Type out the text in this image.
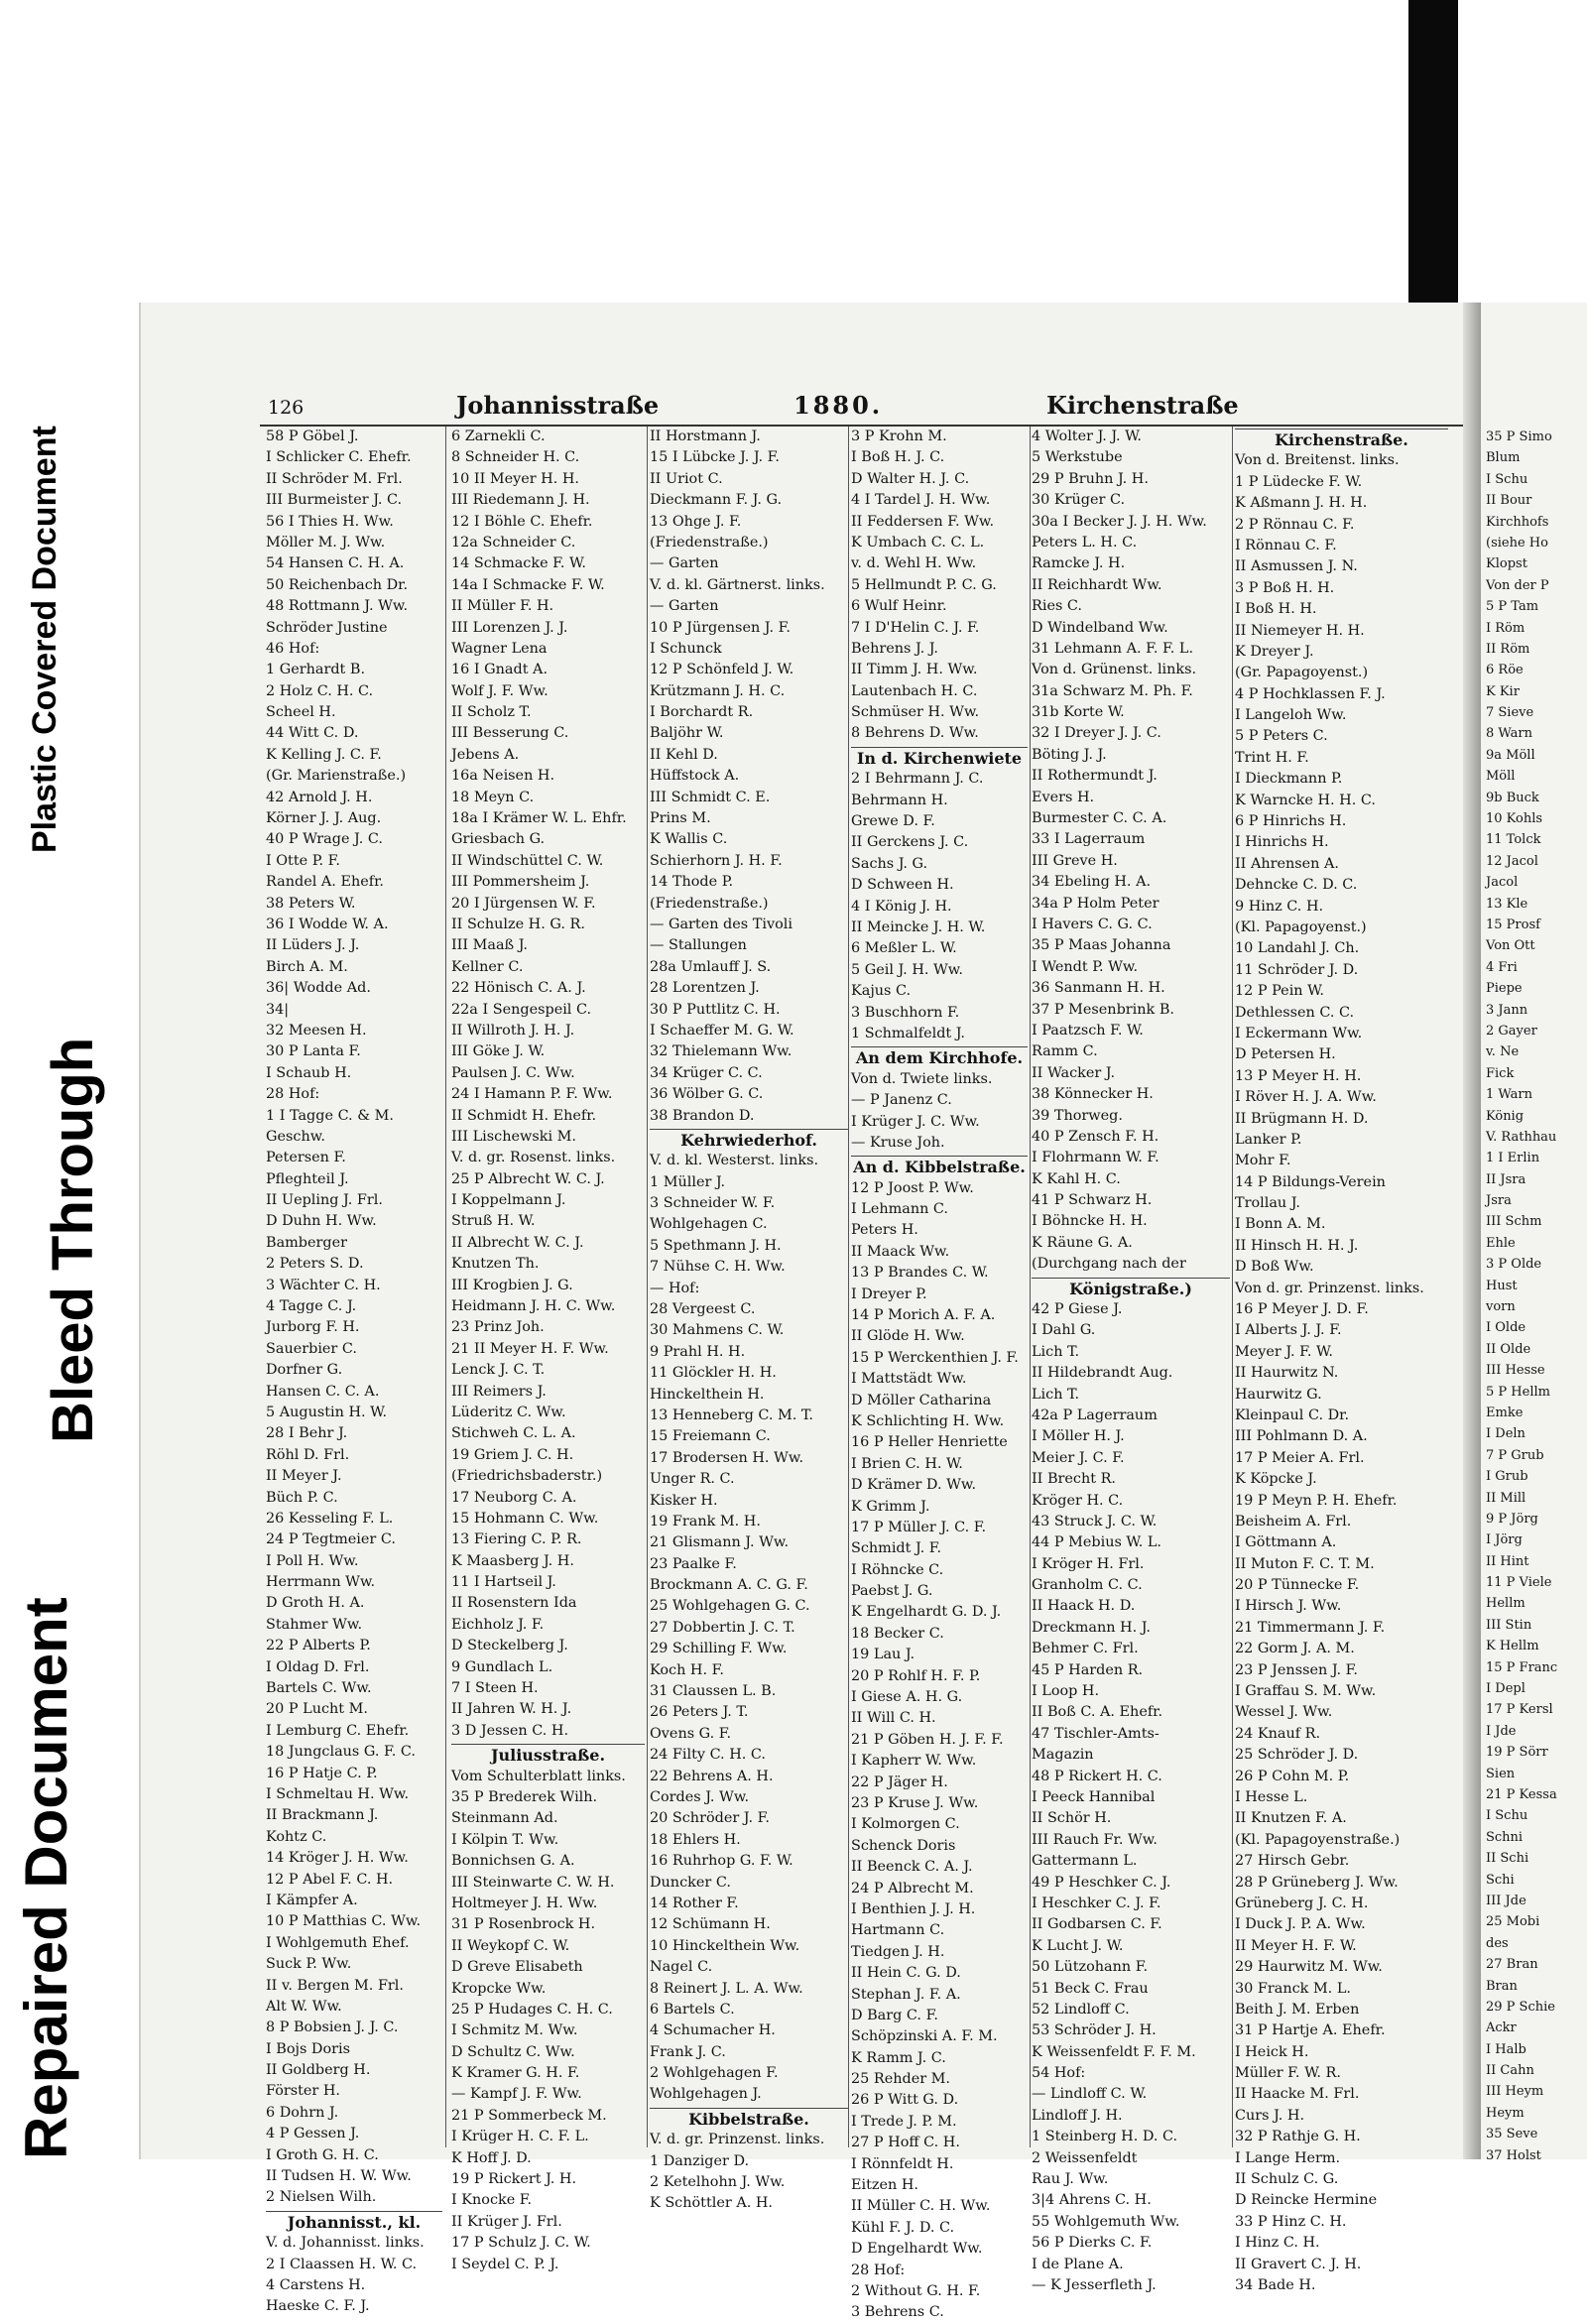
Plastic Covered Document
Bleed Through
Repaired Document
126	Johannisstraße	1880.	Kirchenstraße
58 P Göbel J.
I Schlicker C. Ehefr.
II Schröder M. Frl.
III Burmeister J. C.
56 I Thies H. Ww.
Möller M. J. Ww.
54 Hansen C. H. A.
50 Reichenbach Dr.
48 Rottmann J. Ww.
Schröder Justine
46 Hof:
1 Gerhardt B.
2 Holz C. H. C.
Scheel H.
44 Witt C. D.
K Kelling J. C. F.
(Gr. Marienstraße.)
42 Arnold J. H.
Körner J. J. Aug.
40 P Wrage J. C.
I Otte P. F.
Randel A. Ehefr.
38 Peters W.
36 I Wodde W. A.
II Lüders J. J.
Birch A. M.
36| Wodde Ad.
34|
32 Meesen H.
30 P Lanta F.
I Schaub H.
28 Hof:
1 I Tagge C. & M.
Geschw.
Petersen F.
Pfleghteil J.
II Uepling J. Frl.
D Duhn H. Ww.
Bamberger
2 Peters S. D.
3 Wächter C. H.
4 Tagge C. J.
Jurborg F. H.
Sauerbier C.
Dorfner G.
Hansen C. C. A.
5 Augustin H. W.
28 I Behr J.
Röhl D. Frl.
II Meyer J.
Büch P. C.
26 Kesseling F. L.
24 P Tegtmeier C.
I Poll H. Ww.
Herrmann Ww.
D Groth H. A.
Stahmer Ww.
22 P Alberts P.
I Oldag D. Frl.
Bartels C. Ww.
20 P Lucht M.
I Lemburg C. Ehefr.
18 Jungclaus G. F. C.
16 P Hatje C. P.
I Schmeltau H. Ww.
II Brackmann J.
Kohtz C.
14 Kröger J. H. Ww.
12 P Abel F. C. H.
I Kämpfer A.
10 P Matthias C. Ww.
I Wohlgemuth Ehef.
Suck P. Ww.
II v. Bergen M. Frl.
Alt W. Ww.
8 P Bobsien J. J. C.
I Bojs Doris
II Goldberg H.
Förster H.
6 Dohrn J.
4 P Gessen J.
I Groth G. H. C.
II Tudsen H. W. Ww.
2 Nielsen Wilh.
Johannisst., kl.
V. d. Johannisst. links.
2 I Claassen H. W. C.
4 Carstens H.
Haeske C. F. J.
6 Zarnekli C.
8 Schneider H. C.
10 II Meyer H. H.
III Riedemann J. H.
12 I Böhle C. Ehefr.
12a Schneider C.
14 Schmacke F. W.
14a I Schmacke F. W.
II Müller F. H.
III Lorenzen J. J.
Wagner Lena
16 I Gnadt A.
Wolf J. F. Ww.
II Scholz T.
III Besserung C.
Jebens A.
16a Neisen H.
18 Meyn C.
18a I Krämer W. L. Ehfr.
Griesbach G.
II Windschüttel C. W.
III Pommersheim J.
20 I Jürgensen W. F.
II Schulze H. G. R.
III Maaß J.
Kellner C.
22 Hönisch C. A. J.
22a I Sengespeil C.
II Willroth J. H. J.
III Göke J. W.
Paulsen J. C. Ww.
24 I Hamann P. F. Ww.
II Schmidt H. Ehefr.
III Lischewski M.
V. d. gr. Rosenst. links.
25 P Albrecht W. C. J.
I Koppelmann J.
Struß H. W.
II Albrecht W. C. J.
Knutzen Th.
III Krogbien J. G.
Heidmann J. H. C. Ww.
23 Prinz Joh.
21 II Meyer H. F. Ww.
Lenck J. C. T.
III Reimers J.
Lüderitz C. Ww.
Stichweh C. L. A.
19 Griem J. C. H.
(Friedrichsbaderstr.)
17 Neuborg C. A.
15 Hohmann C. Ww.
13 Fiering C. P. R.
K Maasberg J. H.
11 I Hartseil J.
II Rosenstern Ida
Eichholz J. F.
D Steckelberg J.
9 Gundlach L.
7 I Steen H.
II Jahren W. H. J.
3 D Jessen C. H.
Juliusstraße.
Vom Schulterblatt links.
35 P Brederek Wilh.
Steinmann Ad.
I Kölpin T. Ww.
Bonnichsen G. A.
III Steinwarte C. W. H.
Holtmeyer J. H. Ww.
31 P Rosenbrock H.
II Weykopf C. W.
D Greve Elisabeth
Kropcke Ww.
25 P Hudages C. H. C.
I Schmitz M. Ww.
D Schultz C. Ww.
K Kramer G. H. F.
— Kampf J. F. Ww.
21 P Sommerbeck M.
I Krüger H. C. F. L.
K Hoff J. D.
19 P Rickert J. H.
I Knocke F.
II Krüger J. Frl.
17 P Schulz J. C. W.
I Seydel C. P. J.
II Horstmann J.
15 I Lübcke J. J. F.
II Uriot C.
Dieckmann F. J. G.
13 Ohge J. F.
(Friedenstraße.)
— Garten
V. d. kl. Gärtnerst. links.
— Garten
10 P Jürgensen J. F.
I Schunck
12 P Schönfeld J. W.
Krützmann J. H. C.
I Borchardt R.
Baljöhr W.
II Kehl D.
Hüffstock A.
III Schmidt C. E.
Prins M.
K Wallis C.
Schierhorn J. H. F.
14 Thode P.
(Friedenstraße.)
— Garten des Tivoli
— Stallungen
28a Umlauff J. S.
28 Lorentzen J.
30 P Puttlitz C. H.
I Schaeffer M. G. W.
32 Thielemann Ww.
34 Krüger C. C.
36 Wölber G. C.
38 Brandon D.
Kehrwiederhof.
V. d. kl. Westerst. links.
1 Müller J.
3 Schneider W. F.
Wohlgehagen C.
5 Spethmann J. H.
7 Nühse C. H. Ww.
— Hof:
28 Vergeest C.
30 Mahmens C. W.
9 Prahl H. H.
11 Glöckler H. H.
Hinckelthein H.
13 Henneberg C. M. T.
15 Freiemann C.
17 Brodersen H. Ww.
Unger R. C.
Kisker H.
19 Frank M. H.
21 Glismann J. Ww.
23 Paalke F.
Brockmann A. C. G. F.
25 Wohlgehagen G. C.
27 Dobbertin J. C. T.
29 Schilling F. Ww.
Koch H. F.
31 Claussen L. B.
26 Peters J. T.
Ovens G. F.
24 Filty C. H. C.
22 Behrens A. H.
Cordes J. Ww.
20 Schröder J. F.
18 Ehlers H.
16 Ruhrhop G. F. W.
Duncker C.
14 Rother F.
12 Schümann H.
10 Hinckelthein Ww.
Nagel C.
8 Reinert J. L. A. Ww.
6 Bartels C.
4 Schumacher H.
Frank J. C.
2 Wohlgehagen F.
Wohlgehagen J.
Kibbelstraße.
V. d. gr. Prinzenst. links.
1 Danziger D.
2 Ketelhohn J. Ww.
K Schöttler A. H.
3 P Krohn M.
I Boß H. J. C.
D Walter H. J. C.
4 I Tardel J. H. Ww.
II Feddersen F. Ww.
K Umbach C. C. L.
v. d. Wehl H. Ww.
5 Hellmundt P. C. G.
6 Wulf Heinr.
7 I D'Helin C. J. F.
Behrens J. J.
II Timm J. H. Ww.
Lautenbach H. C.
Schmüser H. Ww.
8 Behrens D. Ww.
In d. Kirchenwiete
2 I Behrmann J. C.
Behrmann H.
Grewe D. F.
II Gerckens J. C.
Sachs J. G.
D Schween H.
4 I König J. H.
II Meincke J. H. W.
6 Meßler L. W.
5 Geil J. H. Ww.
Kajus C.
3 Buschhorn F.
1 Schmalfeldt J.
An dem Kirchhofe.
Von d. Twiete links.
— P Janenz C.
I Krüger J. C. Ww.
— Kruse Joh.
An d. Kibbelstraße.
12 P Joost P. Ww.
I Lehmann C.
Peters H.
II Maack Ww.
13 P Brandes C. W.
I Dreyer P.
14 P Morich A. F. A.
II Glöde H. Ww.
15 P Werckenthien J. F.
I Mattstädt Ww.
D Möller Catharina
K Schlichting H. Ww.
16 P Heller Henriette
I Brien C. H. W.
D Krämer D. Ww.
K Grimm J.
17 P Müller J. C. F.
Schmidt J. F.
I Röhncke C.
Paebst J. G.
K Engelhardt G. D. J.
18 Becker C.
19 Lau J.
20 P Rohlf H. F. P.
I Giese A. H. G.
II Will C. H.
21 P Göben H. J. F. F.
I Kapherr W. Ww.
22 P Jäger H.
23 P Kruse J. Ww.
I Kolmorgen C.
Schenck Doris
II Beenck C. A. J.
24 P Albrecht M.
I Benthien J. J. H.
Hartmann C.
Tiedgen J. H.
II Hein C. G. D.
Stephan J. F. A.
D Barg C. F.
Schöpzinski A. F. M.
K Ramm J. C.
25 Rehder M.
26 P Witt G. D.
I Trede J. P. M.
27 P Hoff C. H.
I Rönnfeldt H.
Eitzen H.
II Müller C. H. Ww.
Kühl F. J. D. C.
D Engelhardt Ww.
28 Hof:
2 Without G. H. F.
3 Behrens C.
4 Wolter J. J. W.
5 Werkstube
29 P Bruhn J. H.
30 Krüger C.
30a I Becker J. J. H. Ww.
Peters L. H. C.
Ramcke J. H.
II Reichhardt Ww.
Ries C.
D Windelband Ww.
31 Lehmann A. F. F. L.
Von d. Grünenst. links.
31a Schwarz M. Ph. F.
31b Korte W.
32 I Dreyer J. J. C.
Böting J. J.
II Rothermundt J.
Evers H.
Burmester C. C. A.
33 I Lagerraum
III Greve H.
34 Ebeling H. A.
34a P Holm Peter
I Havers C. G. C.
35 P Maas Johanna
I Wendt P. Ww.
36 Sanmann H. H.
37 P Mesenbrink B.
I Paatzsch F. W.
Ramm C.
II Wacker J.
38 Könnecker H.
39 Thorweg.
40 P Zensch F. H.
I Flohrmann W. F.
K Kahl H. C.
41 P Schwarz H.
I Böhncke H. H.
K Räune G. A.
(Durchgang nach der
Königstraße.)
42 P Giese J.
I Dahl G.
Lich T.
II Hildebrandt Aug.
Lich T.
42a P Lagerraum
I Möller H. J.
Meier J. C. F.
II Brecht R.
Kröger H. C.
43 Struck J. C. W.
44 P Mebius W. L.
I Kröger H. Frl.
Granholm C. C.
II Haack H. D.
Dreckmann H. J.
Behmer C. Frl.
45 P Harden R.
I Loop H.
II Boß C. A. Ehefr.
47 Tischler-Amts-
Magazin
48 P Rickert H. C.
I Peeck Hannibal
II Schör H.
III Rauch Fr. Ww.
Gattermann L.
49 P Heschker C. J.
I Heschker C. J. F.
II Godbarsen C. F.
K Lucht J. W.
50 Lützohann F.
51 Beck C. Frau
52 Lindloff C.
53 Schröder J. H.
K Weissenfeldt F. F. M.
54 Hof:
— Lindloff C. W.
Lindloff J. H.
1 Steinberg H. D. C.
2 Weissenfeldt
Rau J. Ww.
3|4 Ahrens C. H.
55 Wohlgemuth Ww.
56 P Dierks C. F.
I de Plane A.
— K Jesserfleth J.
Kirchenstraße.
Von d. Breitenst. links.
1 P Lüdecke F. W.
K Aßmann J. H. H.
2 P Rönnau C. F.
I Rönnau C. F.
II Asmussen J. N.
3 P Boß H. H.
I Boß H. H.
II Niemeyer H. H.
K Dreyer J.
(Gr. Papagoyenst.)
4 P Hochklassen F. J.
I Langeloh Ww.
5 P Peters C.
Trint H. F.
I Dieckmann P.
K Warncke H. H. C.
6 P Hinrichs H.
I Hinrichs H.
II Ahrensen A.
Dehncke C. D. C.
9 Hinz C. H.
(Kl. Papagoyenst.)
10 Landahl J. Ch.
11 Schröder J. D.
12 P Pein W.
Dethlessen C. C.
I Eckermann Ww.
D Petersen H.
13 P Meyer H. H.
I Röver H. J. A. Ww.
II Brügmann H. D.
Lanker P.
Mohr F.
14 P Bildungs-Verein
Trollau J.
I Bonn A. M.
II Hinsch H. H. J.
D Boß Ww.
Von d. gr. Prinzenst. links.
16 P Meyer J. D. F.
I Alberts J. J. F.
Meyer J. F. W.
II Haurwitz N.
Haurwitz G.
Kleinpaul C. Dr.
III Pohlmann D. A.
17 P Meier A. Frl.
K Köpcke J.
19 P Meyn P. H. Ehefr.
Beisheim A. Frl.
I Göttmann A.
II Muton F. C. T. M.
20 P Tünnecke F.
I Hirsch J. Ww.
21 Timmermann J. F.
22 Gorm J. A. M.
23 P Jenssen J. F.
I Graffau S. M. Ww.
Wessel J. Ww.
24 Knauf R.
25 Schröder J. D.
26 P Cohn M. P.
I Hesse L.
II Knutzen F. A.
(Kl. Papagoyenstraße.)
27 Hirsch Gebr.
28 P Grüneberg J. Ww.
Grüneberg J. C. H.
I Duck J. P. A. Ww.
II Meyer H. F. W.
29 Haurwitz M. Ww.
30 Franck M. L.
Beith J. M. Erben
31 P Hartje A. Ehefr.
I Heick H.
Müller F. W. R.
II Haacke M. Frl.
Curs J. H.
32 P Rathje G. H.
I Lange Herm.
II Schulz C. G.
D Reincke Hermine
33 P Hinz C. H.
I Hinz C. H.
II Gravert C. J. H.
34 Bade H.
35 P Simo
Blum
I Schu
II Bour
Kirchhofs
(siehe Ho
Klopst
Von der P
5 P Tam
I Röm
II Röm
6 Röe
K Kir
7 Sieve
8 Warn
9a Möll
Möll
9b Buck
10 Kohls
11 Tolck
12 Jacol
Jacol
13 Kle
15 Prosf
Von Ott
4 Fri
Piepe
3 Jann
2 Gayer
v. Ne
Fick
1 Warn
König
V. Rathhau
1 I Erlin
II Jsra
Jsra
III Schm
Ehle
3 P Olde
Hust
vorn
I Olde
II Olde
III Hesse
5 P Hellm
Emke
I Deln
7 P Grub
I Grub
II Mill
9 P Jörg
I Jörg
II Hint
11 P Viele
Hellm
III Stin
K Hellm
15 P Franc
I Depl
17 P Kersl
I Jde
19 P Sörr
Sien
21 P Kessa
I Schu
Schni
II Schi
Schi
III Jde
25 Mobi
des
27 Bran
Bran
29 P Schie
Ackr
I Halb
II Cahn
III Heym
Heym
35 Seve
37 Holst
